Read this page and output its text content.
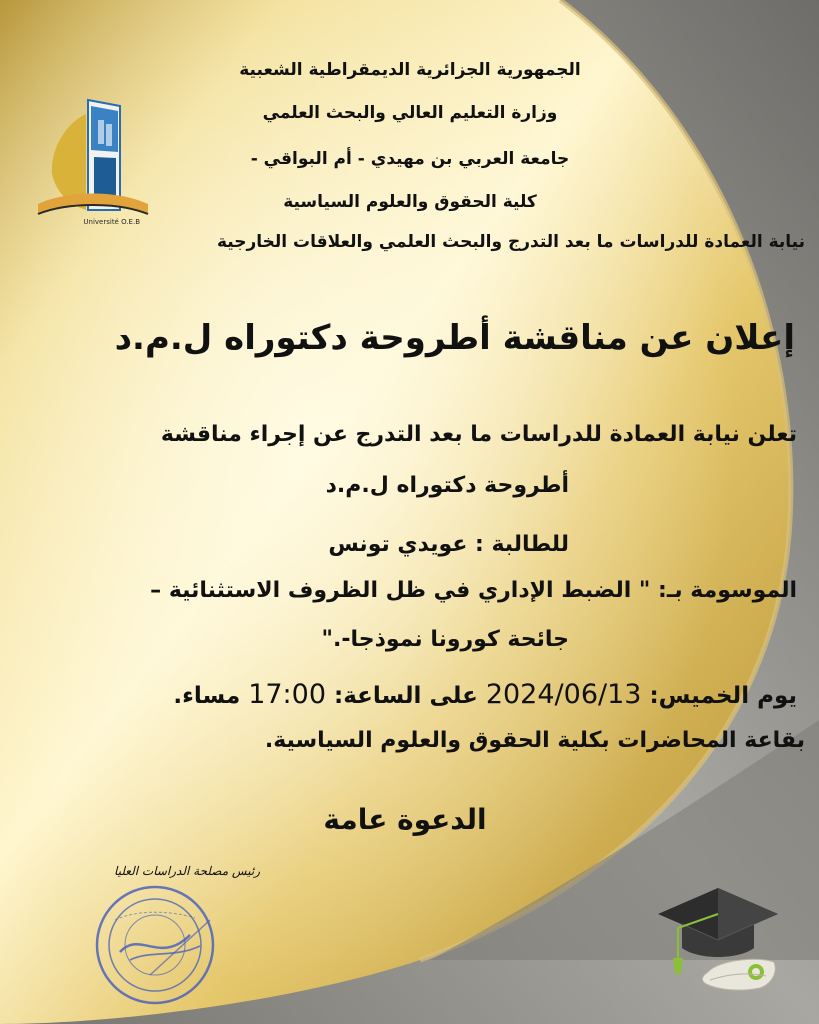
Université O.E.B
الجمهورية الجزائرية الديمقراطية الشعبية
وزارة التعليم العالي والبحث العلمي
جامعة العربي بن مهيدي - أم البواقي -
كلية الحقوق والعلوم السياسية
نيابة العمادة للدراسات ما بعد التدرج والبحث العلمي والعلاقات الخارجية
إعلان عن مناقشة أطروحة دكتوراه ل.م.د
تعلن نيابة العمادة للدراسات ما بعد التدرج عن إجراء مناقشة
أطروحة دكتوراه ل.م.د
للطالبة : عويدي تونس
الموسومة بـ: " الضبط الإداري في ظل الظروف الاستثنائية –
جائحة كورونا نموذجا-."
يوم الخميس: 2024/06/13 على الساعة: 17:00 مساء.
بقاعة المحاضرات بكلية الحقوق والعلوم السياسية.
الدعوة عامة
رئيس مصلحة الدراسات العليا
